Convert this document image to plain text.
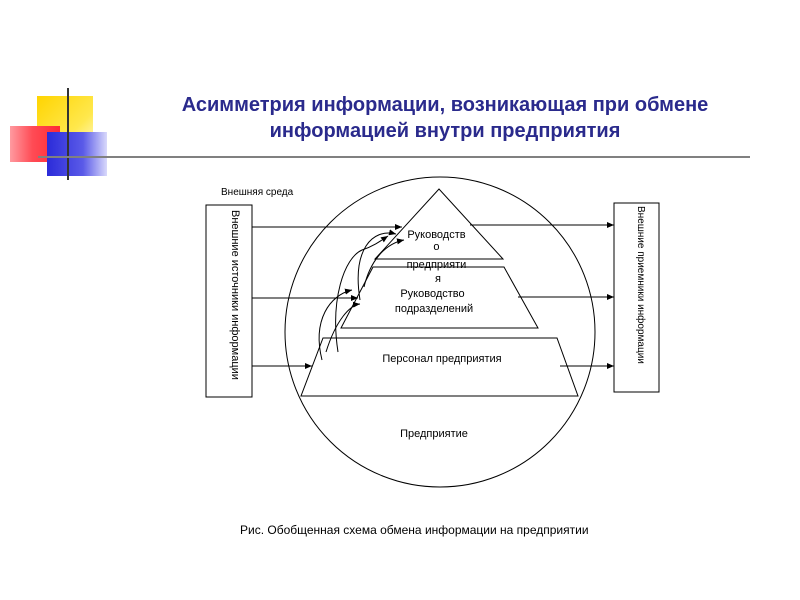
Асимметрия информации, возникающая при обмене
информацией внутри предприятия
Внешняя среда
Внешние источники информации	Внешние приемники информации
Руководств о предприяти я
Руководство подразделений
Персонал предприятия
Предприятие
Рис. Обобщенная схема обмена информации на предприятии
